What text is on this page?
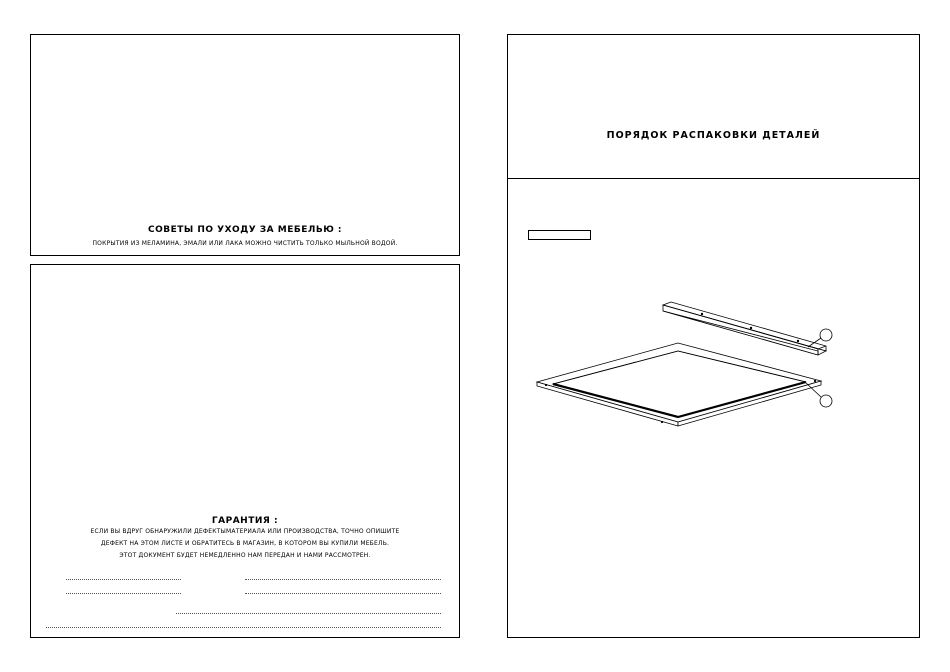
СОВЕТЫ ПО УХОДУ ЗА МЕБЕЛЬЮ :
ПОКРЫТИЯ ИЗ МЕЛАМИНА, ЭМАЛИ ИЛИ ЛАКА МОЖНО ЧИСТИТЬ ТОЛЬКО МЫЛЬНОЙ ВОДОЙ.
ГАРАНТИЯ :
ЕСЛИ ВЫ ВДРУГ ОБНАРУЖИЛИ ДЕФЕКТЫМАТЕРИАЛА ИЛИ ПРОИЗВОДСТВА, ТОЧНО ОПИШИТЕ
ДЕФЕКТ НА ЭТОМ ЛИСТЕ И ОБРАТИТЕСЬ В МАГАЗИН, В КОТОРОМ ВЫ КУПИЛИ МЕБЕЛЬ.
ЭТОТ ДОКУМЕНТ БУДЕТ НЕМЕДЛЕННО НАМ ПЕРЕДАН И НАМИ РАССМОТРЕН.
ПОРЯДОК РАСПАКОВКИ ДЕТАЛЕЙ
